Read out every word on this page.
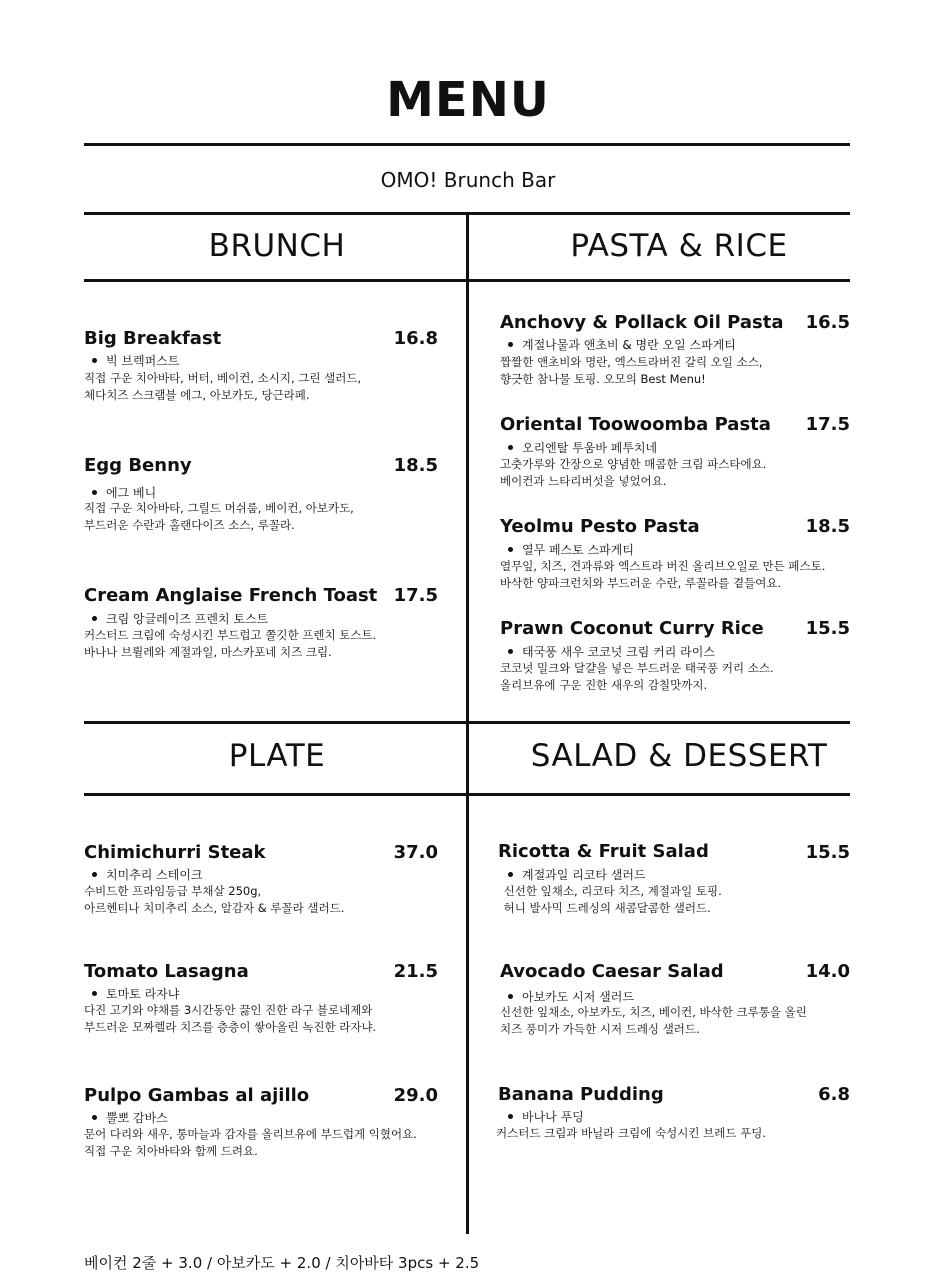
MENU
OMO! Brunch Bar
BRUNCH	PASTA & RICE
PLATE	SALAD & DESSERT
Big Breakfast	16.8
빅 브렉퍼스트
직접 구운 치아바타, 버터, 베이컨, 소시지, 그린 샐러드,
체다치즈 스크램블 에그, 아보카도, 당근라페.
Egg Benny	18.5
에그 베니
직접 구운 치아바타, 그릴드 머쉬룸, 베이컨, 아보카도,
부드러운 수란과 홀랜다이즈 소스, 루꼴라.
Cream Anglaise French Toast 17.5
크림 앙글레이즈 프렌치 토스트
커스터드 크림에 숙성시킨 부드럽고 쫄깃한 프렌치 토스트.
바나나 브륄레와 계절과일, 마스카포네 치즈 크림.
Anchovy & Pollack Oil Pasta	16.5
계절나물과 앤초비 & 명란 오일 스파게티
짭짤한 앤초비와 명란, 엑스트라버진 갈릭 오일 소스,
향긋한 참나물 토핑. 오모의 Best Menu!
Oriental Toowoomba Pasta	17.5
오리엔탈 투움바 페투치네
고춧가루와 간장으로 양념한 매콤한 크림 파스타에요.
베이컨과 느타리버섯을 넣었어요.
Yeolmu Pesto Pasta	18.5
열무 페스토 스파게티
열무잎, 치즈, 견과류와 엑스트라 버진 올리브오일로 만든 페스토.
바삭한 양파크런치와 부드러운 수란, 루꼴라를 곁들여요.
Prawn Coconut Curry Rice	15.5
태국풍 새우 코코넛 크림 커리 라이스
코코넛 밀크와 달걀을 넣은 부드러운 태국풍 커리 소스.
올리브유에 구운 진한 새우의 감칠맛까지.
Chimichurri Steak	37.0
치미추리 스테이크
수비드한 프라임등급 부채살 250g,
아르헨티나 치미추리 소스, 알감자 & 루꼴라 샐러드.
Tomato Lasagna	21.5
토마토 라자냐
다진 고기와 야채를 3시간동안 끓인 진한 라구 블로네제와
부드러운 모짜렐라 치즈를 층층이 쌓아올린 녹진한 라자냐.
Pulpo Gambas al ajillo	29.0
뿔뽀 감바스
문어 다리와 새우, 통마늘과 감자를 올리브유에 부드럽게 익혔어요.
직접 구운 치아바타와 함께 드려요.
Ricotta & Fruit Salad	15.5
계절과일 리코타 샐러드
신선한 잎채소, 리코타 치즈, 계절과일 토핑.
허니 발사믹 드레싱의 새콤달콤한 샐러드.
Avocado Caesar Salad	14.0
아보카도 시저 샐러드
신선한 잎채소, 아보카도, 치즈, 베이컨, 바삭한 크루통을 올린
치즈 풍미가 가득한 시저 드레싱 샐러드.
Banana Pudding	6.8
바나나 푸딩
커스터드 크림과 바닐라 크림에 숙성시킨 브레드 푸딩.
베이컨 2줄 + 3.0 / 아보카도 + 2.0 / 치아바타 3pcs + 2.5
